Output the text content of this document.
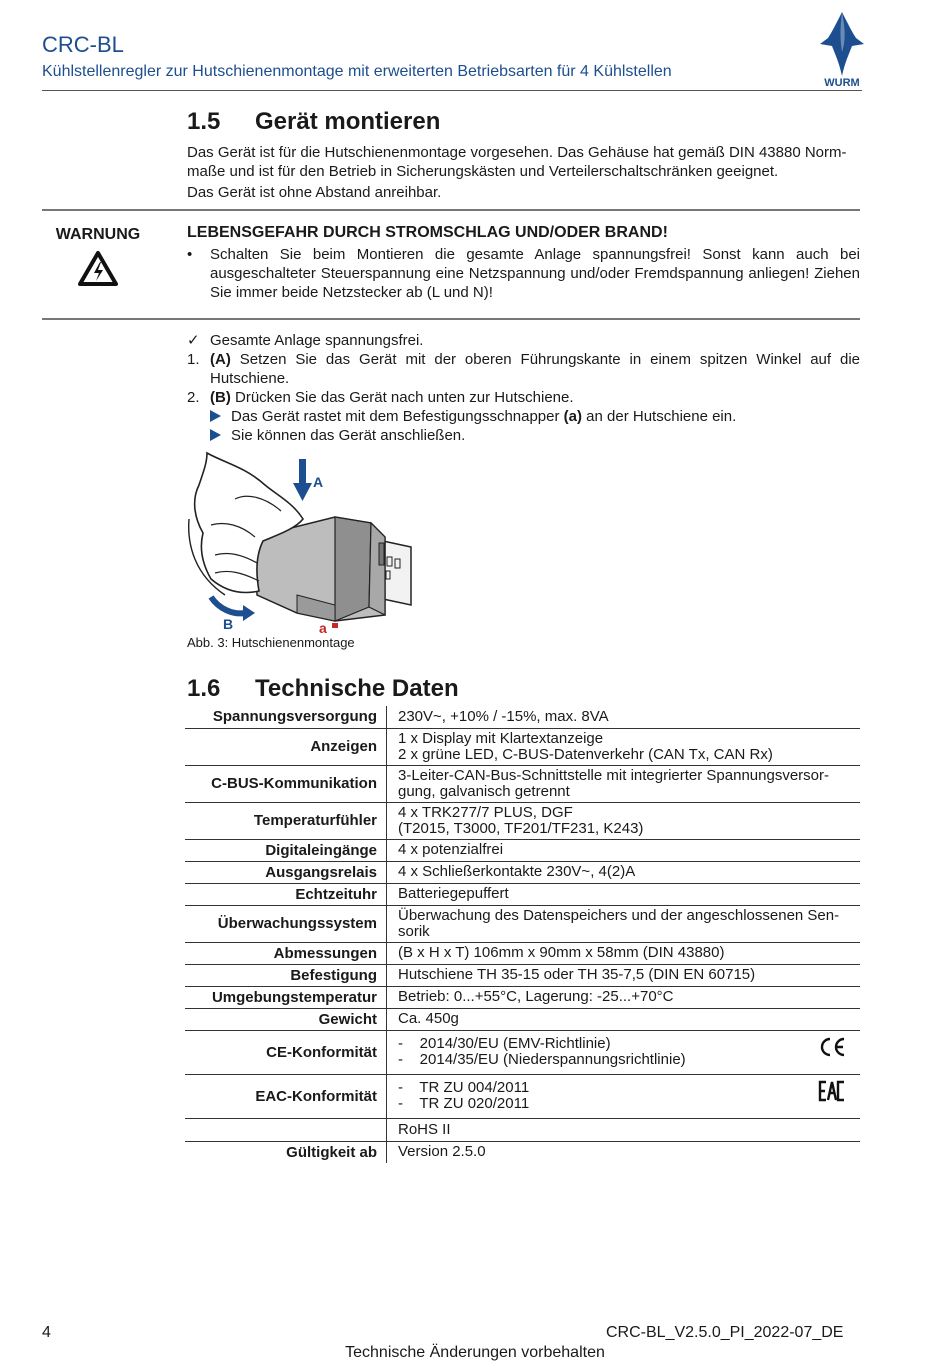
CRC-BL
Kühlstellenregler zur Hutschienenmontage mit erweiterten Betriebsarten für 4 Kühlstellen
WURM
1.5 Gerät montieren
Das Gerät ist für die Hutschienenmontage vorgesehen. Das Gehäuse hat gemäß DIN 43880 Norm-
maße und ist für den Betrieb in Sicherungskästen und Verteilerschaltschränken geeignet.
Das Gerät ist ohne Abstand anreihbar.
WARNUNG	LEBENSGEFAHR DURCH STROMSCHLAG UND/ODER BRAND!
• Schalten Sie beim Montieren die gesamte Anlage spannungsfrei! Sonst kann auch bei ausgeschalteter Steuerspannung eine Netzspannung und/oder Fremdspannung anliegen! Ziehen Sie immer beide Netzstecker ab (L und N)!
✓ Gesamte Anlage spannungsfrei.
1. (A) Setzen Sie das Gerät mit der oberen Führungskante in einem spitzen Winkel auf die Hutschiene.
2. (B) Drücken Sie das Gerät nach unten zur Hutschiene.
Das Gerät rastet mit dem Befestigungsschnapper (a) an der Hutschiene ein.
Sie können das Gerät anschließen.
A
B	a
Abb. 3: Hutschienenmontage
1.6 Technische Daten
Spannungsversorgung	230V~, +10% / -15%, max. 8VA

Anzeigen	1 x Display mit Klartextanzeige
2 x grüne LED, C-BUS-Datenverkehr (CAN Tx, CAN Rx)

C-BUS-Kommunikation	3-Leiter-CAN-Bus-Schnittstelle mit integrierter Spannungsversor-
gung, galvanisch getrennt

Temperaturfühler	4 x TRK277/7 PLUS, DGF
(T2015, T3000, TF201/TF231, K243)

Digitaleingänge	4 x potenzialfrei

Ausgangsrelais	4 x Schließerkontakte 230V~, 4(2)A

Echtzeituhr	Batteriegepuffert

Überwachungssystem	Überwachung des Datenspeichers und der angeschlossenen Sen-
sorik

Abmessungen	(B x H x T) 106mm x 90mm x 58mm (DIN 43880)

Befestigung	Hutschiene TH 35-15 oder TH 35-7,5 (DIN EN 60715)

Umgebungstemperatur	Betrieb: 0...+55°C, Lagerung: -25...+70°C

Gewicht	Ca. 450g

CE-Konformität	-    2014/30/EU (EMV-Richtlinie)
-    2014/35/EU (Niederspannungsrichtlinie)

EAC-Konformität	-    TR ZU 004/2011
-    TR ZU 020/2011

	RoHS II

Gültigkeit ab	Version 2.5.0
4	CRC-BL_V2.5.0_PI_2022-07_DE
Technische Änderungen vorbehalten
